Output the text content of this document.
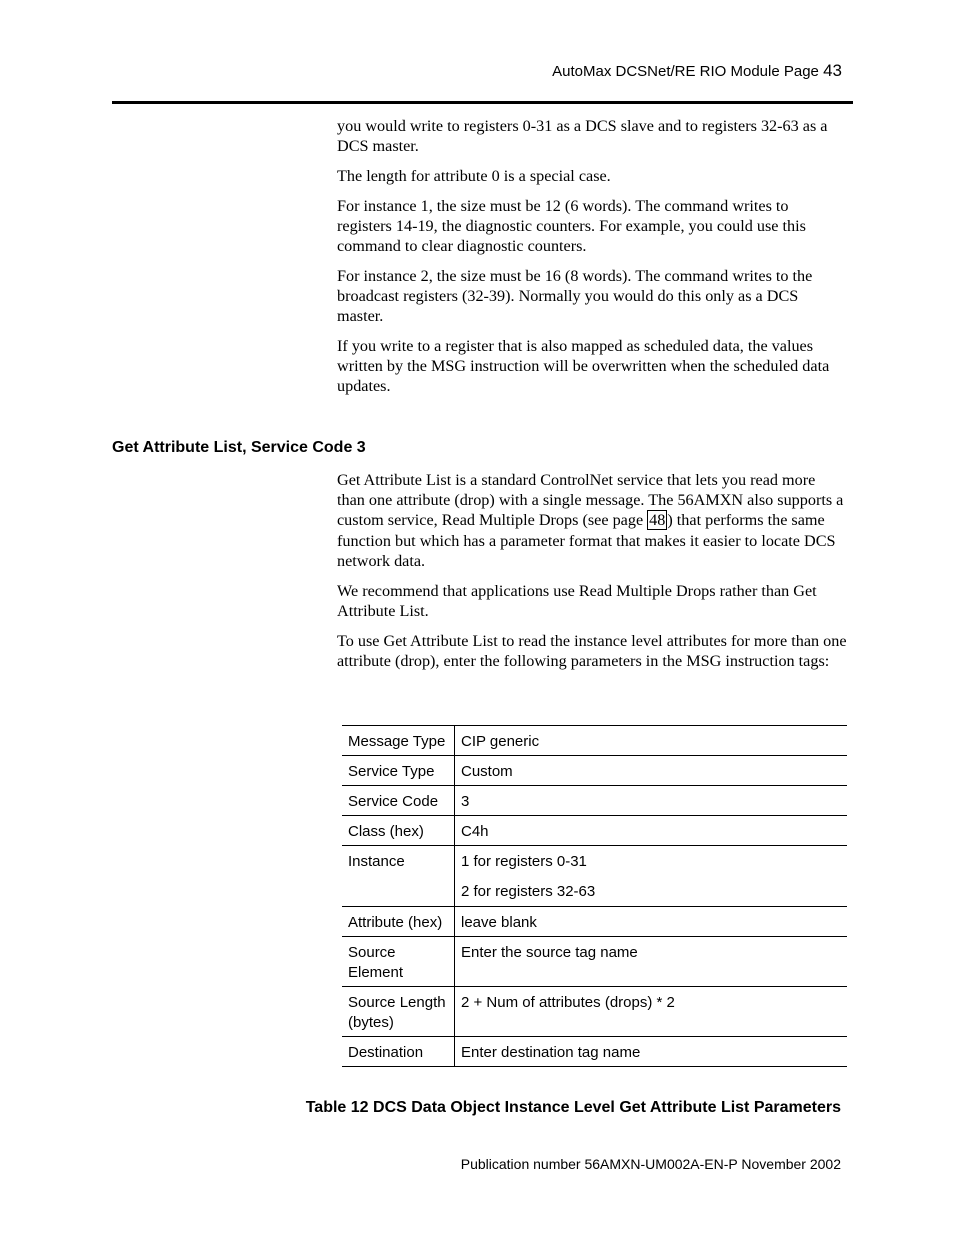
AutoMax DCSNet/RE RIO Module Page 43

you would write to registers 0-31 as a DCS slave and to registers 32-63 as a DCS master.

The length for attribute 0 is a special case.

For instance 1, the size must be 12 (6 words). The command writes to registers 14-19, the diagnostic counters. For example, you could use this command to clear diagnostic counters.

For instance 2, the size must be 16 (8 words). The command writes to the broadcast registers (32-39). Normally you would do this only as a DCS master.

If you write to a register that is also mapped as scheduled data, the values written by the MSG instruction will be overwritten when the scheduled data updates.

Get Attribute List, Service Code 3

Get Attribute List is a standard ControlNet service that lets you read more than one attribute (drop) with a single message. The 56AMXN also supports a custom service, Read Multiple Drops (see page 48 ) that performs the same function but which has a parameter format that makes it easier to locate DCS network data.

We recommend that applications use Read Multiple Drops rather than Get Attribute List.

To use Get Attribute List to read the instance level attributes for more than one attribute (drop), enter the following parameters in the MSG instruction tags:

Message Type	CIP generic
Service Type	Custom
Service Code	3
Class (hex)	C4h
Instance	1 for registers 0-31
2 for registers 32-63

Attribute (hex)	leave blank
Source Element	Enter the source tag name
Source Length (bytes)	2 + Num of attributes (drops) * 2
Destination	Enter destination tag name
Table 12 DCS Data Object Instance Level Get Attribute List Parameters
Publication number 56AMXN-UM002A-EN-P November 2002
